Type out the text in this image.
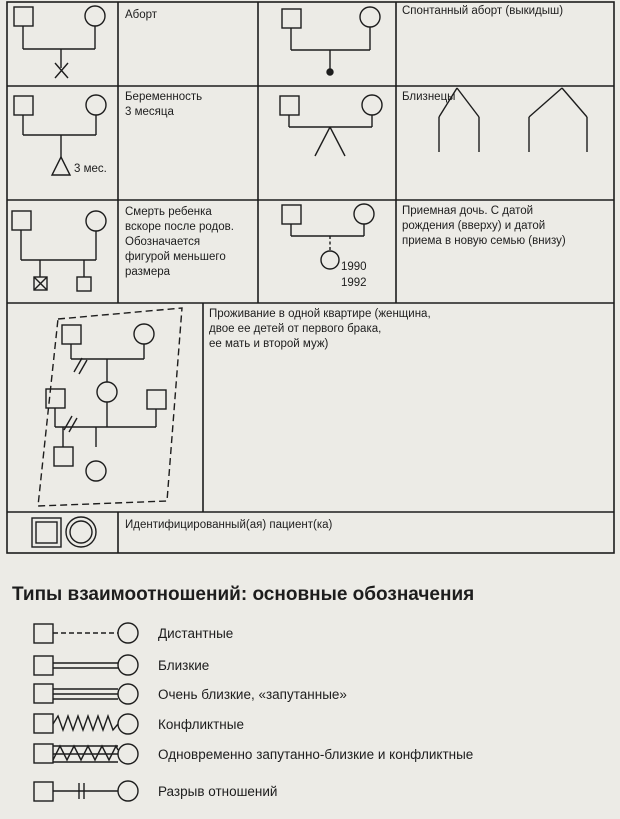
Аборт	Спонтанный аборт (выкидыш)
Беременность
3 месяца
3 мес.
Близнецы
Смерть ребенка
вскоре после родов.
Обозначается
фигурой меньшего
размера
Приемная дочь. С датой
рождения (вверху) и датой
приема в новую семью (внизу)
1990
1992
Проживание в одной квартире (женщина,
двое ее детей от первого брака,
ее мать и второй муж)
Идентифицированный(ая) пациент(ка)
Типы взаимоотношений: основные обозначения
Дистантные
Близкие
Очень близкие, «запутанные»
Конфликтные
Одновременно запутанно-близкие и конфликтные
Разрыв отношений
